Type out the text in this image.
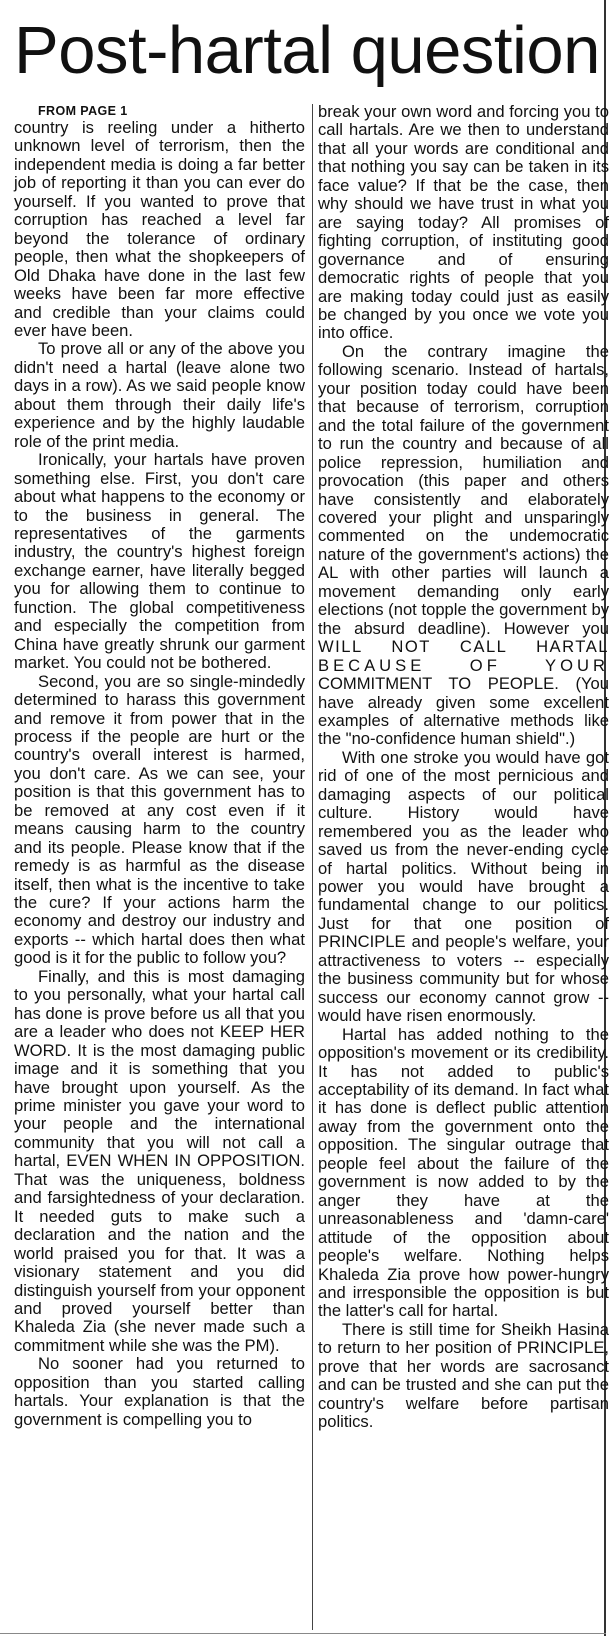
Post-hartal question

FROM PAGE 1

country is reeling under a hitherto unknown level of terrorism, then the independent media is doing a far better job of reporting it than you can ever do yourself. If you wanted to prove that corruption has reached a level far beyond the tolerance of ordinary people, then what the shopkeepers of Old Dhaka have done in the last few weeks have been far more effective and credible than your claims could ever have been.

To prove all or any of the above you didn't need a hartal (leave alone two days in a row). As we said people know about them through their daily life's experience and by the highly laudable role of the print media.

Ironically, your hartals have proven something else. First, you don't care about what happens to the economy or to the business in general. The representatives of the garments industry, the country's highest foreign exchange earner, have literally begged you for allowing them to continue to function. The global competitiveness and especially the competition from China have greatly shrunk our garment market. You could not be bothered.

Second, you are so single-mindedly determined to harass this government and remove it from power that in the process if the people are hurt or the country's overall interest is harmed, you don't care. As we can see, your position is that this government has to be removed at any cost even if it means causing harm to the country and its people. Please know that if the remedy is as harmful as the disease itself, then what is the incentive to take the cure? If your actions harm the economy and destroy our industry and exports -- which hartal does then what good is it for the public to follow you?

Finally, and this is most damaging to you personally, what your hartal call has done is prove before us all that you are a leader who does not KEEP HER WORD. It is the most damaging public image and it is something that you have brought upon yourself. As the prime minister you gave your word to your people and the international community that you will not call a hartal, EVEN WHEN IN OPPOSITION. That was the uniqueness, boldness and farsightedness of your declaration. It needed guts to make such a declaration and the nation and the world praised you for that. It was a visionary statement and you did distinguish yourself from your opponent and proved yourself better than Khaleda Zia (she never made such a commitment while she was the PM).

No sooner had you returned to opposition than you started calling hartals. Your explanation is that the government is compelling you to

break your own word and forcing you to call hartals. Are we then to understand that all your words are conditional and that nothing you say can be taken in its face value? If that be the case, then why should we have trust in what you are saying today? All promises of fighting corruption, of instituting good governance and of ensuring democratic rights of people that you are making today could just as easily be changed by you once we vote you into office.

On the contrary imagine the following scenario. Instead of hartals, your position today could have been that because of terrorism, corruption and the total failure of the government to run the country and because of all police repression, humiliation and provocation (this paper and others have consistently and elaborately covered your plight and unsparingly commented on the undemocratic nature of the government's actions) the AL with other parties will launch a movement demanding only early elections (not topple the government by the absurd deadline). However you WILL NOT CALL HARTAL BECAUSE OF YOUR COMMITMENT TO PEOPLE. (You have already given some excellent examples of alternative methods like the "no-confidence human shield".)

With one stroke you would have got rid of one of the most pernicious and damaging aspects of our political culture. History would have remembered you as the leader who saved us from the never-ending cycle of hartal politics. Without being in power you would have brought a fundamental change to our politics. Just for that one position of PRINCIPLE and people's welfare, your attractiveness to voters -- especially the business community but for whose success our economy cannot grow -- would have risen enormously.

Hartal has added nothing to the opposition's movement or its credibility. It has not added to public's acceptability of its demand. In fact what it has done is deflect public attention away from the government onto the opposition. The singular outrage that people feel about the failure of the government is now added to by the anger they have at the unreasonableness and 'damn-care' attitude of the opposition about people's welfare. Nothing helps Khaleda Zia prove how power-hungry and irresponsible the opposition is but the latter's call for hartal.

There is still time for Sheikh Hasina to return to her position of PRINCIPLE, prove that her words are sacrosanct and can be trusted and she can put the country's welfare before partisan politics.
